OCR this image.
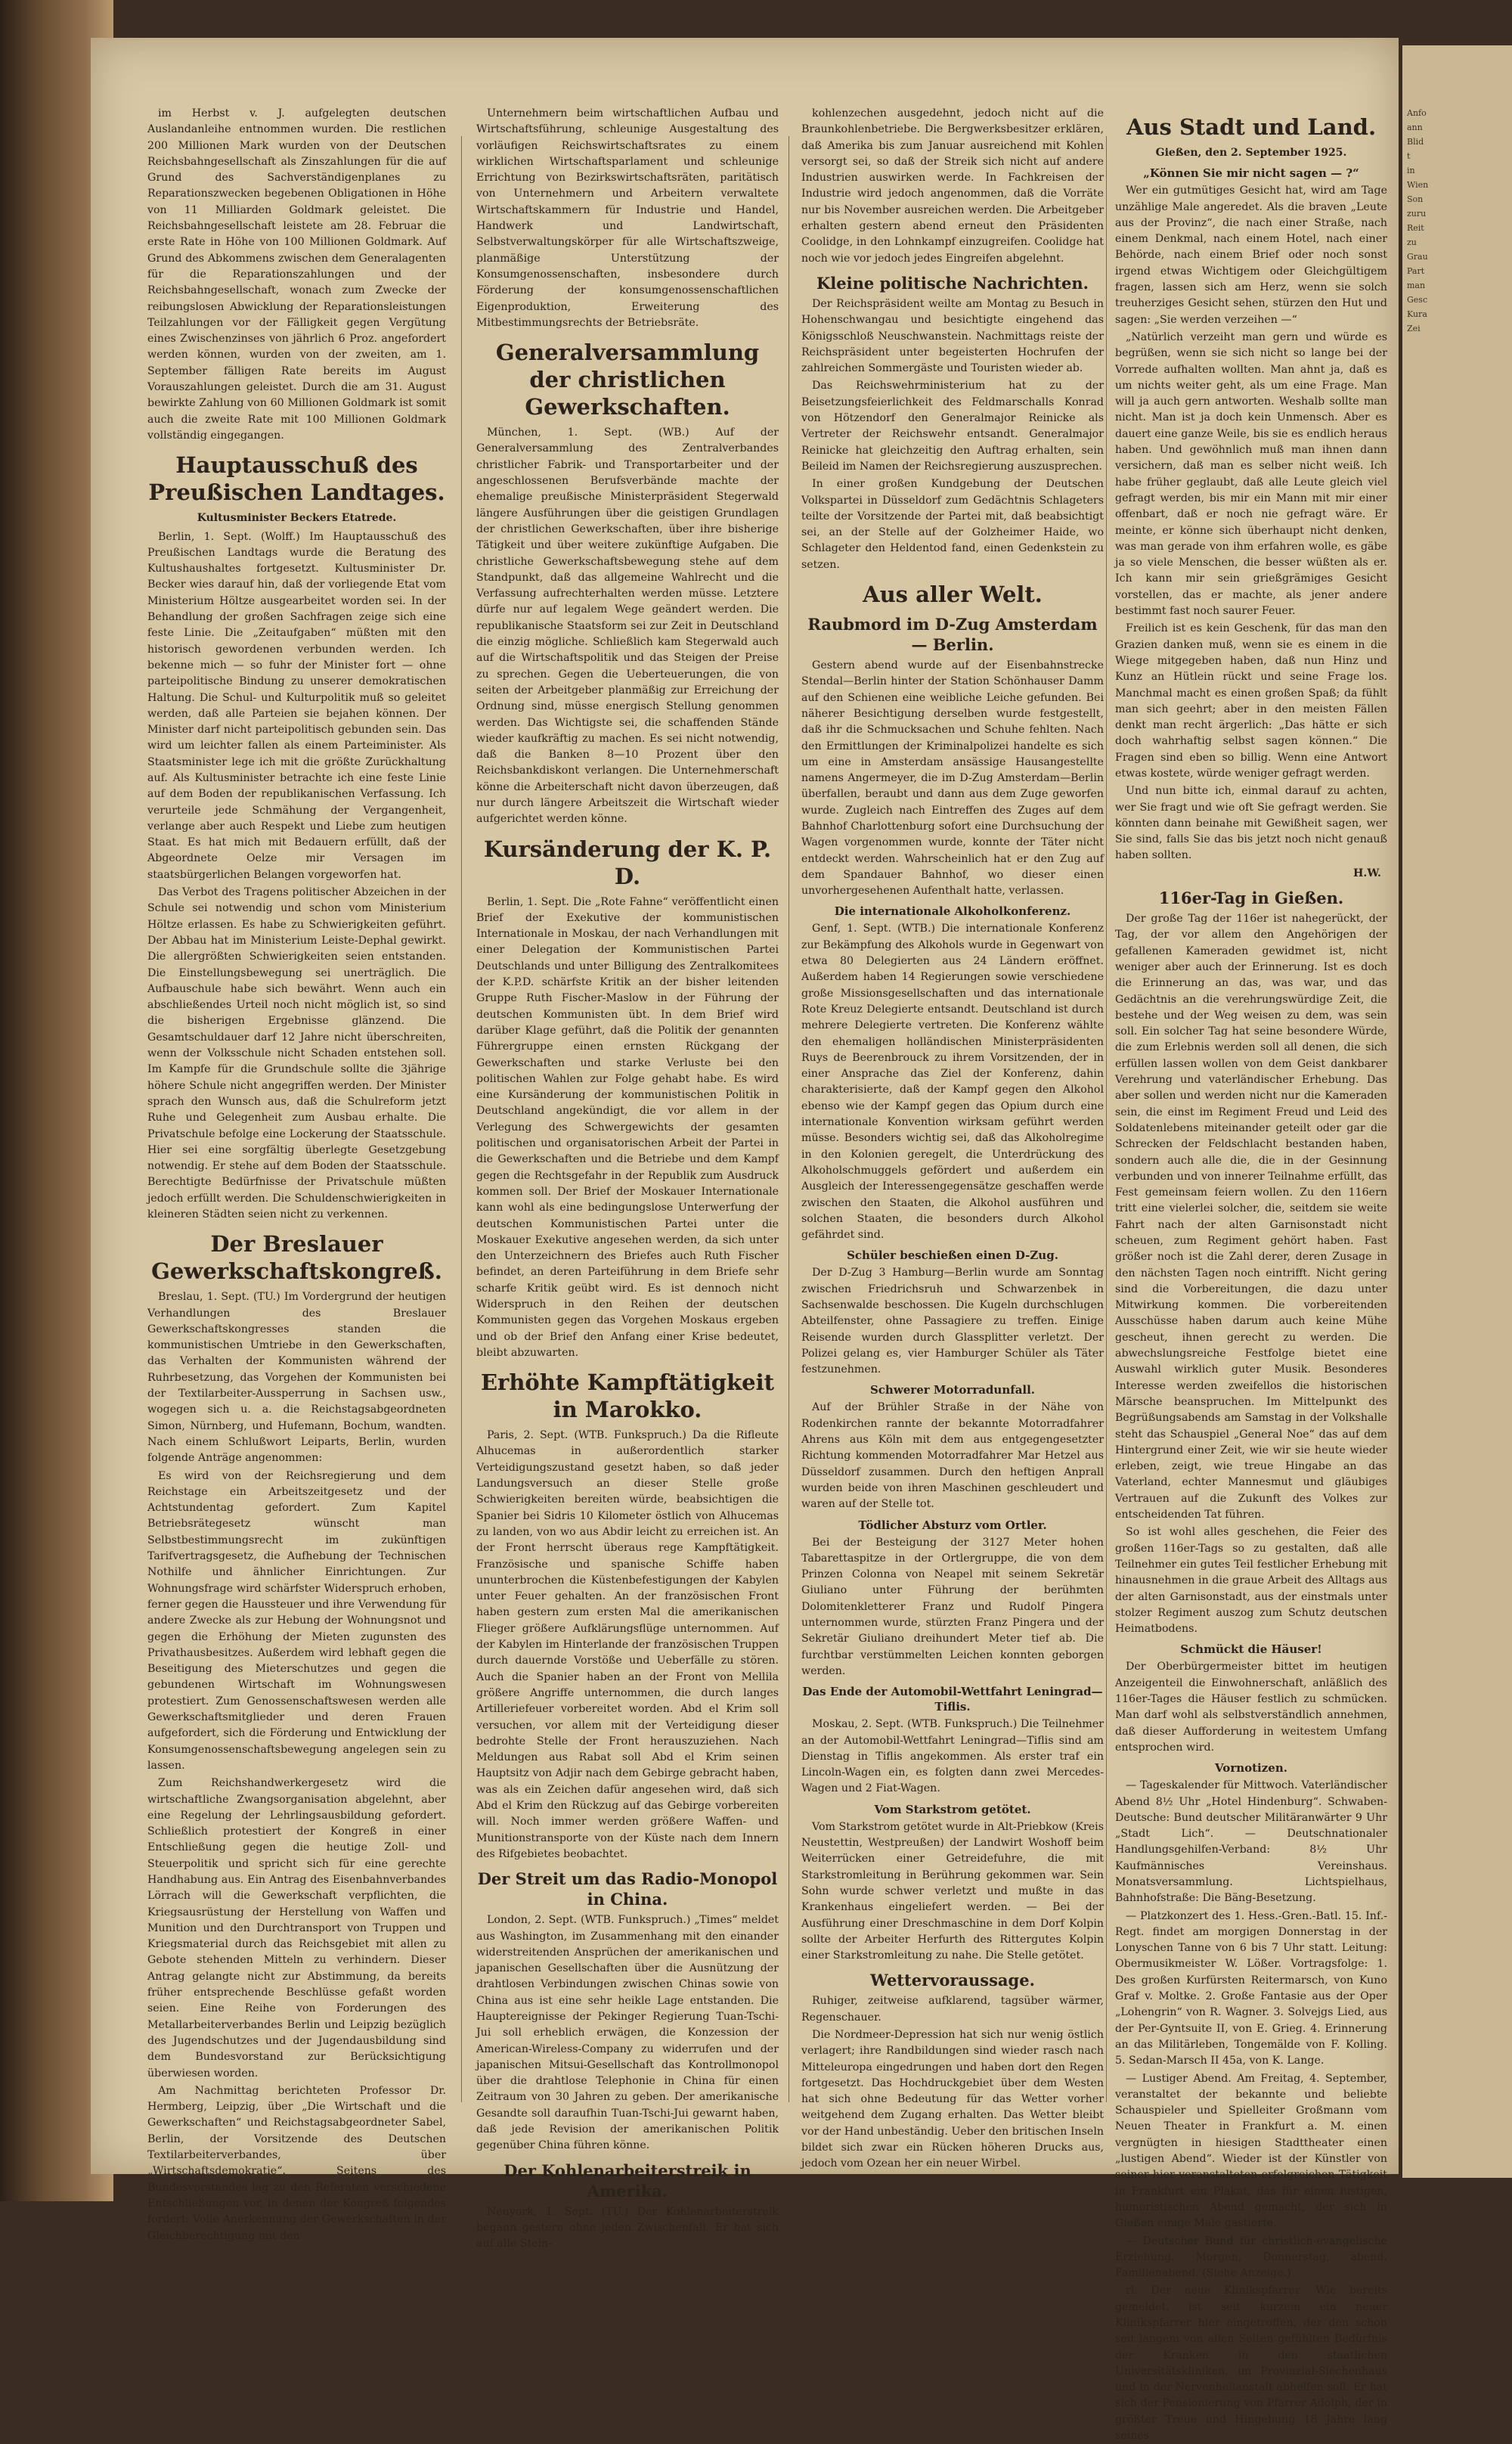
Anfo
ann
Blid
t
in
Wien
Son
zuru
Reit
zu
Grau
Part
man
Gesc
Kura
Zei

im Herbst v. J. aufgelegten deutschen Auslandanleihe entnommen wurden. Die restlichen 200 Millionen Mark wurden von der Deutschen Reichsbahngesellschaft als Zinszahlungen für die auf Grund des Sachverständigenplanes zu Reparationszwecken begebenen Obligationen in Höhe von 11 Milliarden Goldmark geleistet. Die Reichsbahngesellschaft leistete am 28. Februar die erste Rate in Höhe von 100 Millionen Goldmark. Auf Grund des Abkommens zwischen dem Generalagenten für die Reparationszahlungen und der Reichsbahngesellschaft, wonach zum Zwecke der reibungslosen Abwicklung der Reparationsleistungen Teilzahlungen vor der Fälligkeit gegen Vergütung eines Zwischenzinses von jährlich 6 Proz. angefordert werden können, wurden von der zweiten, am 1. September fälligen Rate bereits im August Vorauszahlungen geleistet. Durch die am 31. August bewirkte Zahlung von 60 Millionen Goldmark ist somit auch die zweite Rate mit 100 Millionen Goldmark vollständig eingegangen.

Hauptausschuß des Preußischen Landtages.
Kultusminister Beckers Etatrede.

Berlin, 1. Sept. (Wolff.) Im Hauptausschuß des Preußischen Landtags wurde die Beratung des Kultushaushaltes fortgesetzt. Kultusminister Dr. Becker wies darauf hin, daß der vorliegende Etat vom Ministerium Höltze ausgearbeitet worden sei. In der Behandlung der großen Sachfragen zeige sich eine feste Linie. Die „Zeitaufgaben“ müßten mit den historisch gewordenen verbunden werden. Ich bekenne mich — so fuhr der Minister fort — ohne parteipolitische Bindung zu unserer demokratischen Haltung. Die Schul- und Kulturpolitik muß so geleitet werden, daß alle Parteien sie bejahen können. Der Minister darf nicht parteipolitisch gebunden sein. Das wird um leichter fallen als einem Parteiminister. Als Staatsminister lege ich mit die größte Zurückhaltung auf. Als Kultusminister betrachte ich eine feste Linie auf dem Boden der republikanischen Verfassung. Ich verurteile jede Schmähung der Vergangenheit, verlange aber auch Respekt und Liebe zum heutigen Staat. Es hat mich mit Bedauern erfüllt, daß der Abgeordnete Oelze mir Versagen im staatsbürgerlichen Belangen vorgeworfen hat.

Das Verbot des Tragens politischer Abzeichen in der Schule sei notwendig und schon vom Ministerium Höltze erlassen. Es habe zu Schwierigkeiten geführt. Der Abbau hat im Ministerium Leiste-Dephal gewirkt. Die allergrößten Schwierigkeiten seien entstanden. Die Einstellungsbewegung sei unerträglich. Die Aufbauschule habe sich bewährt. Wenn auch ein abschließendes Urteil noch nicht möglich ist, so sind die bisherigen Ergebnisse glänzend. Die Gesamtschuldauer darf 12 Jahre nicht überschreiten, wenn der Volksschule nicht Schaden entstehen soll. Im Kampfe für die Grundschule sollte die 3jährige höhere Schule nicht angegriffen werden. Der Minister sprach den Wunsch aus, daß die Schulreform jetzt Ruhe und Gelegenheit zum Ausbau erhalte. Die Privatschule befolge eine Lockerung der Staatsschule. Hier sei eine sorgfältig überlegte Gesetzgebung notwendig. Er stehe auf dem Boden der Staatsschule. Berechtigte Bedürfnisse der Privatschule müßten jedoch erfüllt werden. Die Schuldenschwierigkeiten in kleineren Städten seien nicht zu verkennen.

Der Breslauer Gewerkschaftskongreß.

Breslau, 1. Sept. (TU.) Im Vordergrund der heutigen Verhandlungen des Breslauer Gewerkschaftskongresses standen die kommunistischen Umtriebe in den Gewerkschaften, das Verhalten der Kommunisten während der Ruhrbesetzung, das Vorgehen der Kommunisten bei der Textilarbeiter-Aussperrung in Sachsen usw., wogegen sich u. a. die Reichstagsabgeordneten Simon, Nürnberg, und Hufemann, Bochum, wandten. Nach einem Schlußwort Leiparts, Berlin, wurden folgende Anträge angenommen:

Es wird von der Reichsregierung und dem Reichstage ein Arbeitszeitgesetz und der Achtstundentag gefordert. Zum Kapitel Betriebsrätegesetz wünscht man Selbstbestimmungsrecht im zukünftigen Tarifvertragsgesetz, die Aufhebung der Technischen Nothilfe und ähnlicher Einrichtungen. Zur Wohnungsfrage wird schärfster Widerspruch erhoben, ferner gegen die Haussteuer und ihre Verwendung für andere Zwecke als zur Hebung der Wohnungsnot und gegen die Erhöhung der Mieten zugunsten des Privathausbesitzes. Außerdem wird lebhaft gegen die Beseitigung des Mieterschutzes und gegen die gebundenen Wirtschaft im Wohnungswesen protestiert. Zum Genossenschaftswesen werden alle Gewerkschaftsmitglieder und deren Frauen aufgefordert, sich die Förderung und Entwicklung der Konsumgenossenschaftsbewegung angelegen sein zu lassen.

Zum Reichshandwerkergesetz wird die wirtschaftliche Zwangsorganisation abgelehnt, aber eine Regelung der Lehrlingsausbildung gefordert. Schließlich protestiert der Kongreß in einer Entschließung gegen die heutige Zoll- und Steuerpolitik und spricht sich für eine gerechte Handhabung aus. Ein Antrag des Eisenbahnverbandes Lörrach will die Gewerkschaft verpflichten, die Kriegsausrüstung der Herstellung von Waffen und Munition und den Durchtransport von Truppen und Kriegsmaterial durch das Reichsgebiet mit allen zu Gebote stehenden Mitteln zu verhindern. Dieser Antrag gelangte nicht zur Abstimmung, da bereits früher entsprechende Beschlüsse gefaßt worden seien. Eine Reihe von Forderungen des Metallarbeiterverbandes Berlin und Leipzig bezüglich des Jugendschutzes und der Jugendausbildung sind dem Bundesvorstand zur Berücksichtigung überwiesen worden.

Am Nachmittag berichteten Professor Dr. Hermberg, Leipzig, über „Die Wirtschaft und die Gewerkschaften“ und Reichstagsabgeordneter Sabel, Berlin, der Vorsitzende des Deutschen Textilarbeiterverbandes, über „Wirtschaftsdemokratie“. Seitens des Bundesvorstandes lag zu den Referaten verschiedene Entschließungen vor, in denen der Kongreß folgendes fordert: Volle Anerkennung der Gewerkschaften in der Gleichberechtigung mit den

Unternehmern beim wirtschaftlichen Aufbau und Wirtschaftsführung, schleunige Ausgestaltung des vorläufigen Reichswirtschaftsrates zu einem wirklichen Wirtschaftsparlament und schleunige Errichtung von Bezirkswirtschaftsräten, paritätisch von Unternehmern und Arbeitern verwaltete Wirtschaftskammern für Industrie und Handel, Handwerk und Landwirtschaft, Selbstverwaltungskörper für alle Wirtschaftszweige, planmäßige Unterstützung der Konsumgenossenschaften, insbesondere durch Förderung der konsumgenossenschaftlichen Eigenproduktion, Erweiterung des Mitbestimmungsrechts der Betriebsräte.

Generalversammlung der christlichen Gewerkschaften.

München, 1. Sept. (WB.) Auf der Generalversammlung des Zentralverbandes christlicher Fabrik- und Transportarbeiter und der angeschlossenen Berufsverbände machte der ehemalige preußische Ministerpräsident Stegerwald längere Ausführungen über die geistigen Grundlagen der christlichen Gewerkschaften, über ihre bisherige Tätigkeit und über weitere zukünftige Aufgaben. Die christliche Gewerkschaftsbewegung stehe auf dem Standpunkt, daß das allgemeine Wahlrecht und die Verfassung aufrechterhalten werden müsse. Letztere dürfe nur auf legalem Wege geändert werden. Die republikanische Staatsform sei zur Zeit in Deutschland die einzig mögliche. Schließlich kam Stegerwald auch auf die Wirtschaftspolitik und das Steigen der Preise zu sprechen. Gegen die Ueberteuerungen, die von seiten der Arbeitgeber planmäßig zur Erreichung der Ordnung sind, müsse energisch Stellung genommen werden. Das Wichtigste sei, die schaffenden Stände wieder kaufkräftig zu machen. Es sei nicht notwendig, daß die Banken 8—10 Prozent über den Reichsbankdiskont verlangen. Die Unternehmerschaft könne die Arbeiterschaft nicht davon überzeugen, daß nur durch längere Arbeitszeit die Wirtschaft wieder aufgerichtet werden könne.

Kursänderung der K. P. D.

Berlin, 1. Sept. Die „Rote Fahne“ veröffentlicht einen Brief der Exekutive der kommunistischen Internationale in Moskau, der nach Verhandlungen mit einer Delegation der Kommunistischen Partei Deutschlands und unter Billigung des Zentralkomitees der K.P.D. schärfste Kritik an der bisher leitenden Gruppe Ruth Fischer-Maslow in der Führung der deutschen Kommunisten übt. In dem Brief wird darüber Klage geführt, daß die Politik der genannten Führergruppe einen ernsten Rückgang der Gewerkschaften und starke Verluste bei den politischen Wahlen zur Folge gehabt habe. Es wird eine Kursänderung der kommunistischen Politik in Deutschland angekündigt, die vor allem in der Verlegung des Schwergewichts der gesamten politischen und organisatorischen Arbeit der Partei in die Gewerkschaften und die Betriebe und dem Kampf gegen die Rechtsgefahr in der Republik zum Ausdruck kommen soll. Der Brief der Moskauer Internationale kann wohl als eine bedingungslose Unterwerfung der deutschen Kommunistischen Partei unter die Moskauer Exekutive angesehen werden, da sich unter den Unterzeichnern des Briefes auch Ruth Fischer befindet, an deren Parteiführung in dem Briefe sehr scharfe Kritik geübt wird. Es ist dennoch nicht Widerspruch in den Reihen der deutschen Kommunisten gegen das Vorgehen Moskaus ergeben und ob der Brief den Anfang einer Krise bedeutet, bleibt abzuwarten.

Erhöhte Kampftätigkeit in Marokko.

Paris, 2. Sept. (WTB. Funkspruch.) Da die Rifleute Alhucemas in außerordentlich starker Verteidigungszustand gesetzt haben, so daß jeder Landungsversuch an dieser Stelle große Schwierigkeiten bereiten würde, beabsichtigen die Spanier bei Sidris 10 Kilometer östlich von Alhucemas zu landen, von wo aus Abdir leicht zu erreichen ist. An der Front herrscht überaus rege Kampftätigkeit. Französische und spanische Schiffe haben ununterbrochen die Küstenbefestigungen der Kabylen unter Feuer gehalten. An der französischen Front haben gestern zum ersten Mal die amerikanischen Flieger größere Aufklärungsflüge unternommen. Auf der Kabylen im Hinterlande der französischen Truppen durch dauernde Vorstöße und Ueberfälle zu stören. Auch die Spanier haben an der Front von Mellila größere Angriffe unternommen, die durch langes Artilleriefeuer vorbereitet worden. Abd el Krim soll versuchen, vor allem mit der Verteidigung dieser bedrohte Stelle der Front herauszuziehen. Nach Meldungen aus Rabat soll Abd el Krim seinen Hauptsitz von Adjir nach dem Gebirge gebracht haben, was als ein Zeichen dafür angesehen wird, daß sich Abd el Krim den Rückzug auf das Gebirge vorbereiten will. Noch immer werden größere Waffen- und Munitionstransporte von der Küste nach dem Innern des Rifgebietes beobachtet.

Der Streit um das Radio-Monopol in China.

London, 2. Sept. (WTB. Funkspruch.) „Times“ meldet aus Washington, im Zusammenhang mit den einander widerstreitenden Ansprüchen der amerikanischen und japanischen Gesellschaften über die Ausnützung der drahtlosen Verbindungen zwischen Chinas sowie von China aus ist eine sehr heikle Lage entstanden. Die Hauptereignisse der Pekinger Regierung Tuan-Tschi-Jui soll erheblich erwägen, die Konzession der American-Wireless-Company zu widerrufen und der japanischen Mitsui-Gesellschaft das Kontrollmonopol über die drahtlose Telephonie in China für einen Zeitraum von 30 Jahren zu geben. Der amerikanische Gesandte soll daraufhin Tuan-Tschi-Jui gewarnt haben, daß jede Revision der amerikanischen Politik gegenüber China führen könne.

Der Kohlenarbeiterstreik in Amerika.

Neuyork, 1. Sept. (TU.) Der Kohlenarbeiterstreik begann gestern ohne jeden Zwischenfall. Er hat sich auf alle Stein-

kohlenzechen ausgedehnt, jedoch nicht auf die Braunkohlenbetriebe. Die Bergwerksbesitzer erklären, daß Amerika bis zum Januar ausreichend mit Kohlen versorgt sei, so daß der Streik sich nicht auf andere Industrien auswirken werde. In Fachkreisen der Industrie wird jedoch angenommen, daß die Vorräte nur bis November ausreichen werden. Die Arbeitgeber erhalten gestern abend erneut den Präsidenten Coolidge, in den Lohnkampf einzugreifen. Coolidge hat noch wie vor jedoch jedes Eingreifen abgelehnt.

Kleine politische Nachrichten.

Der Reichspräsident weilte am Montag zu Besuch in Hohenschwangau und besichtigte eingehend das Königsschloß Neuschwanstein. Nachmittags reiste der Reichspräsident unter begeisterten Hochrufen der zahlreichen Sommergäste und Touristen wieder ab.

Das Reichswehrministerium hat zu der Beisetzungsfeierlichkeit des Feldmarschalls Konrad von Hötzendorf den Generalmajor Reinicke als Vertreter der Reichswehr entsandt. Generalmajor Reinicke hat gleichzeitig den Auftrag erhalten, sein Beileid im Namen der Reichsregierung auszusprechen.

In einer großen Kundgebung der Deutschen Volkspartei in Düsseldorf zum Gedächtnis Schlageters teilte der Vorsitzende der Partei mit, daß beabsichtigt sei, an der Stelle auf der Golzheimer Haide, wo Schlageter den Heldentod fand, einen Gedenkstein zu setzen.

Aus aller Welt.
Raubmord im D-Zug Amsterdam — Berlin.

Gestern abend wurde auf der Eisenbahnstrecke Stendal—Berlin hinter der Station Schönhauser Damm auf den Schienen eine weibliche Leiche gefunden. Bei näherer Besichtigung derselben wurde festgestellt, daß ihr die Schmucksachen und Schuhe fehlten. Nach den Ermittlungen der Kriminalpolizei handelte es sich um eine in Amsterdam ansässige Hausangestellte namens Angermeyer, die im D-Zug Amsterdam—Berlin überfallen, beraubt und dann aus dem Zuge geworfen wurde. Zugleich nach Eintreffen des Zuges auf dem Bahnhof Charlottenburg sofort eine Durchsuchung der Wagen vorgenommen wurde, konnte der Täter nicht entdeckt werden. Wahrscheinlich hat er den Zug auf dem Spandauer Bahnhof, wo dieser einen unvorhergesehenen Aufenthalt hatte, verlassen.

Die internationale Alkoholkonferenz.

Genf, 1. Sept. (WTB.) Die internationale Konferenz zur Bekämpfung des Alkohols wurde in Gegenwart von etwa 80 Delegierten aus 24 Ländern eröffnet. Außerdem haben 14 Regierungen sowie verschiedene große Missionsgesellschaften und das internationale Rote Kreuz Delegierte entsandt. Deutschland ist durch mehrere Delegierte vertreten. Die Konferenz wählte den ehemaligen holländischen Ministerpräsidenten Ruys de Beerenbrouck zu ihrem Vorsitzenden, der in einer Ansprache das Ziel der Konferenz, dahin charakterisierte, daß der Kampf gegen den Alkohol ebenso wie der Kampf gegen das Opium durch eine internationale Konvention wirksam geführt werden müsse. Besonders wichtig sei, daß das Alkoholregime in den Kolonien geregelt, die Unterdrückung des Alkoholschmuggels gefördert und außerdem ein Ausgleich der Interessengegensätze geschaffen werde zwischen den Staaten, die Alkohol ausführen und solchen Staaten, die besonders durch Alkohol gefährdet sind.

Schüler beschießen einen D-Zug.

Der D-Zug 3 Hamburg—Berlin wurde am Sonntag zwischen Friedrichsruh und Schwarzenbek in Sachsenwalde beschossen. Die Kugeln durchschlugen Abteilfenster, ohne Passagiere zu treffen. Einige Reisende wurden durch Glassplitter verletzt. Der Polizei gelang es, vier Hamburger Schüler als Täter festzunehmen.

Schwerer Motorradunfall.

Auf der Brühler Straße in der Nähe von Rodenkirchen rannte der bekannte Motorradfahrer Ahrens aus Köln mit dem aus entgegengesetzter Richtung kommenden Motorradfahrer Mar Hetzel aus Düsseldorf zusammen. Durch den heftigen Anprall wurden beide von ihren Maschinen geschleudert und waren auf der Stelle tot.

Tödlicher Absturz vom Ortler.

Bei der Besteigung der 3127 Meter hohen Tabarettaspitze in der Ortlergruppe, die von dem Prinzen Colonna von Neapel mit seinem Sekretär Giuliano unter Führung der berühmten Dolomitenkletterer Franz und Rudolf Pingera unternommen wurde, stürzten Franz Pingera und der Sekretär Giuliano dreihundert Meter tief ab. Die furchtbar verstümmelten Leichen konnten geborgen werden.

Das Ende der Automobil-Wettfahrt Leningrad—Tiflis.

Moskau, 2. Sept. (WTB. Funkspruch.) Die Teilnehmer an der Automobil-Wettfahrt Leningrad—Tiflis sind am Dienstag in Tiflis angekommen. Als erster traf ein Lincoln-Wagen ein, es folgten dann zwei Mercedes-Wagen und 2 Fiat-Wagen.

Vom Starkstrom getötet.

Vom Starkstrom getötet wurde in Alt-Priebkow (Kreis Neustettin, Westpreußen) der Landwirt Woshoff beim Weiterrücken einer Getreidefuhre, die mit Starkstromleitung in Berührung gekommen war. Sein Sohn wurde schwer verletzt und mußte in das Krankenhaus eingeliefert werden. — Bei der Ausführung einer Dreschmaschine in dem Dorf Kolpin sollte der Arbeiter Herfurth des Rittergutes Kolpin einer Starkstromleitung zu nahe. Die Stelle getötet.

Wettervoraussage.

Ruhiger, zeitweise aufklarend, tagsüber wärmer, Regenschauer.

Die Nordmeer-Depression hat sich nur wenig östlich verlagert; ihre Randbildungen sind wieder rasch nach Mitteleuropa eingedrungen und haben dort den Regen fortgesetzt. Das Hochdruckgebiet über dem Westen hat sich ohne Bedeutung für das Wetter vorher weitgehend dem Zugang erhalten. Das Wetter bleibt vor der Hand unbeständig. Ueber den britischen Inseln bildet sich zwar ein Rücken höheren Drucks aus, jedoch vom Ozean her ein neuer Wirbel.

Aus Stadt und Land.
Gießen, den 2. September 1925.
„Können Sie mir nicht sagen — ?“

Wer ein gutmütiges Gesicht hat, wird am Tage unzählige Male angeredet. Als die braven „Leute aus der Provinz“, die nach einer Straße, nach einem Denkmal, nach einem Hotel, nach einer Behörde, nach einem Brief oder noch sonst irgend etwas Wichtigem oder Gleichgültigem fragen, lassen sich am Herz, wenn sie solch treuherziges Gesicht sehen, stürzen den Hut und sagen: „Sie werden verzeihen —“

„Natürlich verzeiht man gern und würde es begrüßen, wenn sie sich nicht so lange bei der Vorrede aufhalten wollten. Man ahnt ja, daß es um nichts weiter geht, als um eine Frage. Man will ja auch gern antworten. Weshalb sollte man nicht. Man ist ja doch kein Unmensch. Aber es dauert eine ganze Weile, bis sie es endlich heraus haben. Und gewöhnlich muß man ihnen dann versichern, daß man es selber nicht weiß. Ich habe früher geglaubt, daß alle Leute gleich viel gefragt werden, bis mir ein Mann mit mir einer offenbart, daß er noch nie gefragt wäre. Er meinte, er könne sich überhaupt nicht denken, was man gerade von ihm erfahren wolle, es gäbe ja so viele Menschen, die besser wüßten als er. Ich kann mir sein grießgrämiges Gesicht vorstellen, das er machte, als jener andere bestimmt fast noch saurer Feuer.

Freilich ist es kein Geschenk, für das man den Grazien danken muß, wenn sie es einem in die Wiege mitgegeben haben, daß nun Hinz und Kunz an Hütlein rückt und seine Frage los. Manchmal macht es einen großen Spaß; da fühlt man sich geehrt; aber in den meisten Fällen denkt man recht ärgerlich: „Das hätte er sich doch wahrhaftig selbst sagen können.“ Die Fragen sind eben so billig. Wenn eine Antwort etwas kostete, würde weniger gefragt werden.

Und nun bitte ich, einmal darauf zu achten, wer Sie fragt und wie oft Sie gefragt werden. Sie könnten dann beinahe mit Gewißheit sagen, wer Sie sind, falls Sie das bis jetzt noch nicht genauß haben sollten.

H.W.
116er-Tag in Gießen.

Der große Tag der 116er ist nahegerückt, der Tag, der vor allem den Angehörigen der gefallenen Kameraden gewidmet ist, nicht weniger aber auch der Erinnerung. Ist es doch die Erinnerung an das, was war, und das Gedächtnis an die verehrungswürdige Zeit, die bestehe und der Weg weisen zu dem, was sein soll. Ein solcher Tag hat seine besondere Würde, die zum Erlebnis werden soll all denen, die sich erfüllen lassen wollen von dem Geist dankbarer Verehrung und vaterländischer Erhebung. Das aber sollen und werden nicht nur die Kameraden sein, die einst im Regiment Freud und Leid des Soldatenlebens miteinander geteilt oder gar die Schrecken der Feldschlacht bestanden haben, sondern auch alle die, die in der Gesinnung verbunden und von innerer Teilnahme erfüllt, das Fest gemeinsam feiern wollen. Zu den 116ern tritt eine vielerlei solcher, die, seitdem sie weite Fahrt nach der alten Garnisonstadt nicht scheuen, zum Regiment gehört haben. Fast größer noch ist die Zahl derer, deren Zusage in den nächsten Tagen noch eintrifft. Nicht gering sind die Vorbereitungen, die dazu unter Mitwirkung kommen. Die vorbereitenden Ausschüsse haben darum auch keine Mühe gescheut, ihnen gerecht zu werden. Die abwechslungsreiche Festfolge bietet eine Auswahl wirklich guter Musik. Besonderes Interesse werden zweifellos die historischen Märsche beanspruchen. Im Mittelpunkt des Begrüßungsabends am Samstag in der Volkshalle steht das Schauspiel „General Noe“ das auf dem Hintergrund einer Zeit, wie wir sie heute wieder erleben, zeigt, wie treue Hingabe an das Vaterland, echter Mannesmut und gläubiges Vertrauen auf die Zukunft des Volkes zur entscheidenden Tat führen.

So ist wohl alles geschehen, die Feier des großen 116er-Tags so zu gestalten, daß alle Teilnehmer ein gutes Teil festlicher Erhebung mit hinausnehmen in die graue Arbeit des Alltags aus der alten Garnisonstadt, aus der einstmals unter stolzer Regiment auszog zum Schutz deutschen Heimatbodens.

Schmückt die Häuser!

Der Oberbürgermeister bittet im heutigen Anzeigenteil die Einwohnerschaft, anläßlich des 116er-Tages die Häuser festlich zu schmücken. Man darf wohl als selbstverständlich annehmen, daß dieser Aufforderung in weitestem Umfang entsprochen wird.

Vornotizen.

— Tageskalender für Mittwoch. Vaterländischer Abend 8½ Uhr „Hotel Hindenburg“. Schwaben-Deutsche: Bund deutscher Militäranwärter 9 Uhr „Stadt Lich“. — Deutschnationaler Handlungsgehilfen-Verband: 8½ Uhr Kaufmännisches Vereinshaus. Monatsversammlung. Lichtspielhaus, Bahnhofstraße: Die Bäng-Besetzung.

— Platzkonzert des 1. Hess.-Gren.-Batl. 15. Inf.-Regt. findet am morgigen Donnerstag in der Lonyschen Tanne von 6 bis 7 Uhr statt. Leitung: Obermusikmeister W. Lößer. Vortragsfolge: 1. Des großen Kurfürsten Reitermarsch, von Kuno Graf v. Moltke. 2. Große Fantasie aus der Oper „Lohengrin“ von R. Wagner. 3. Solvejgs Lied, aus der Per-Gyntsuite II, von E. Grieg. 4. Erinnerung an das Militärleben, Tongemälde von F. Kolling. 5. Sedan-Marsch II 45a, von K. Lange.

— Lustiger Abend. Am Freitag, 4. September, veranstaltet der bekannte und beliebte Schauspieler und Spielleiter Großmann vom Neuen Theater in Frankfurt a. M. einen vergnügten in hiesigen Stadttheater einen „lustigen Abend“. Wieder ist der Künstler von seiner hier veranstalteten erfolgreichen Tätigkeit in Frankfurt ein Plakat, das für einen lustigen, humoristischen Abend gemacht, der sich in Gießen einige Male gastierte.

— Deutscher Bund für christlich-evangelische Erziehung. Morgen, Donnerstag, abend, Familienabend. (Siehe Anzeige.)

rl. Der neue Klinikspfarrer. Wie bereits gemeldet, ist seit kurzem ein neuer Klinikspfarrer hier eingetroffen, der den schon seit langem von allen Seiten gefühlten Bedürfnis der Kranken in den staatlichen Universitätskliniken, im Provinzial-Siechenhaus und in der Nervenheilanstalt abhelfen soll. Er hat sich der Pensionierung von Pfarrer Adolph, der in größter Treue und Hingebung 18 Jahre lang seines
